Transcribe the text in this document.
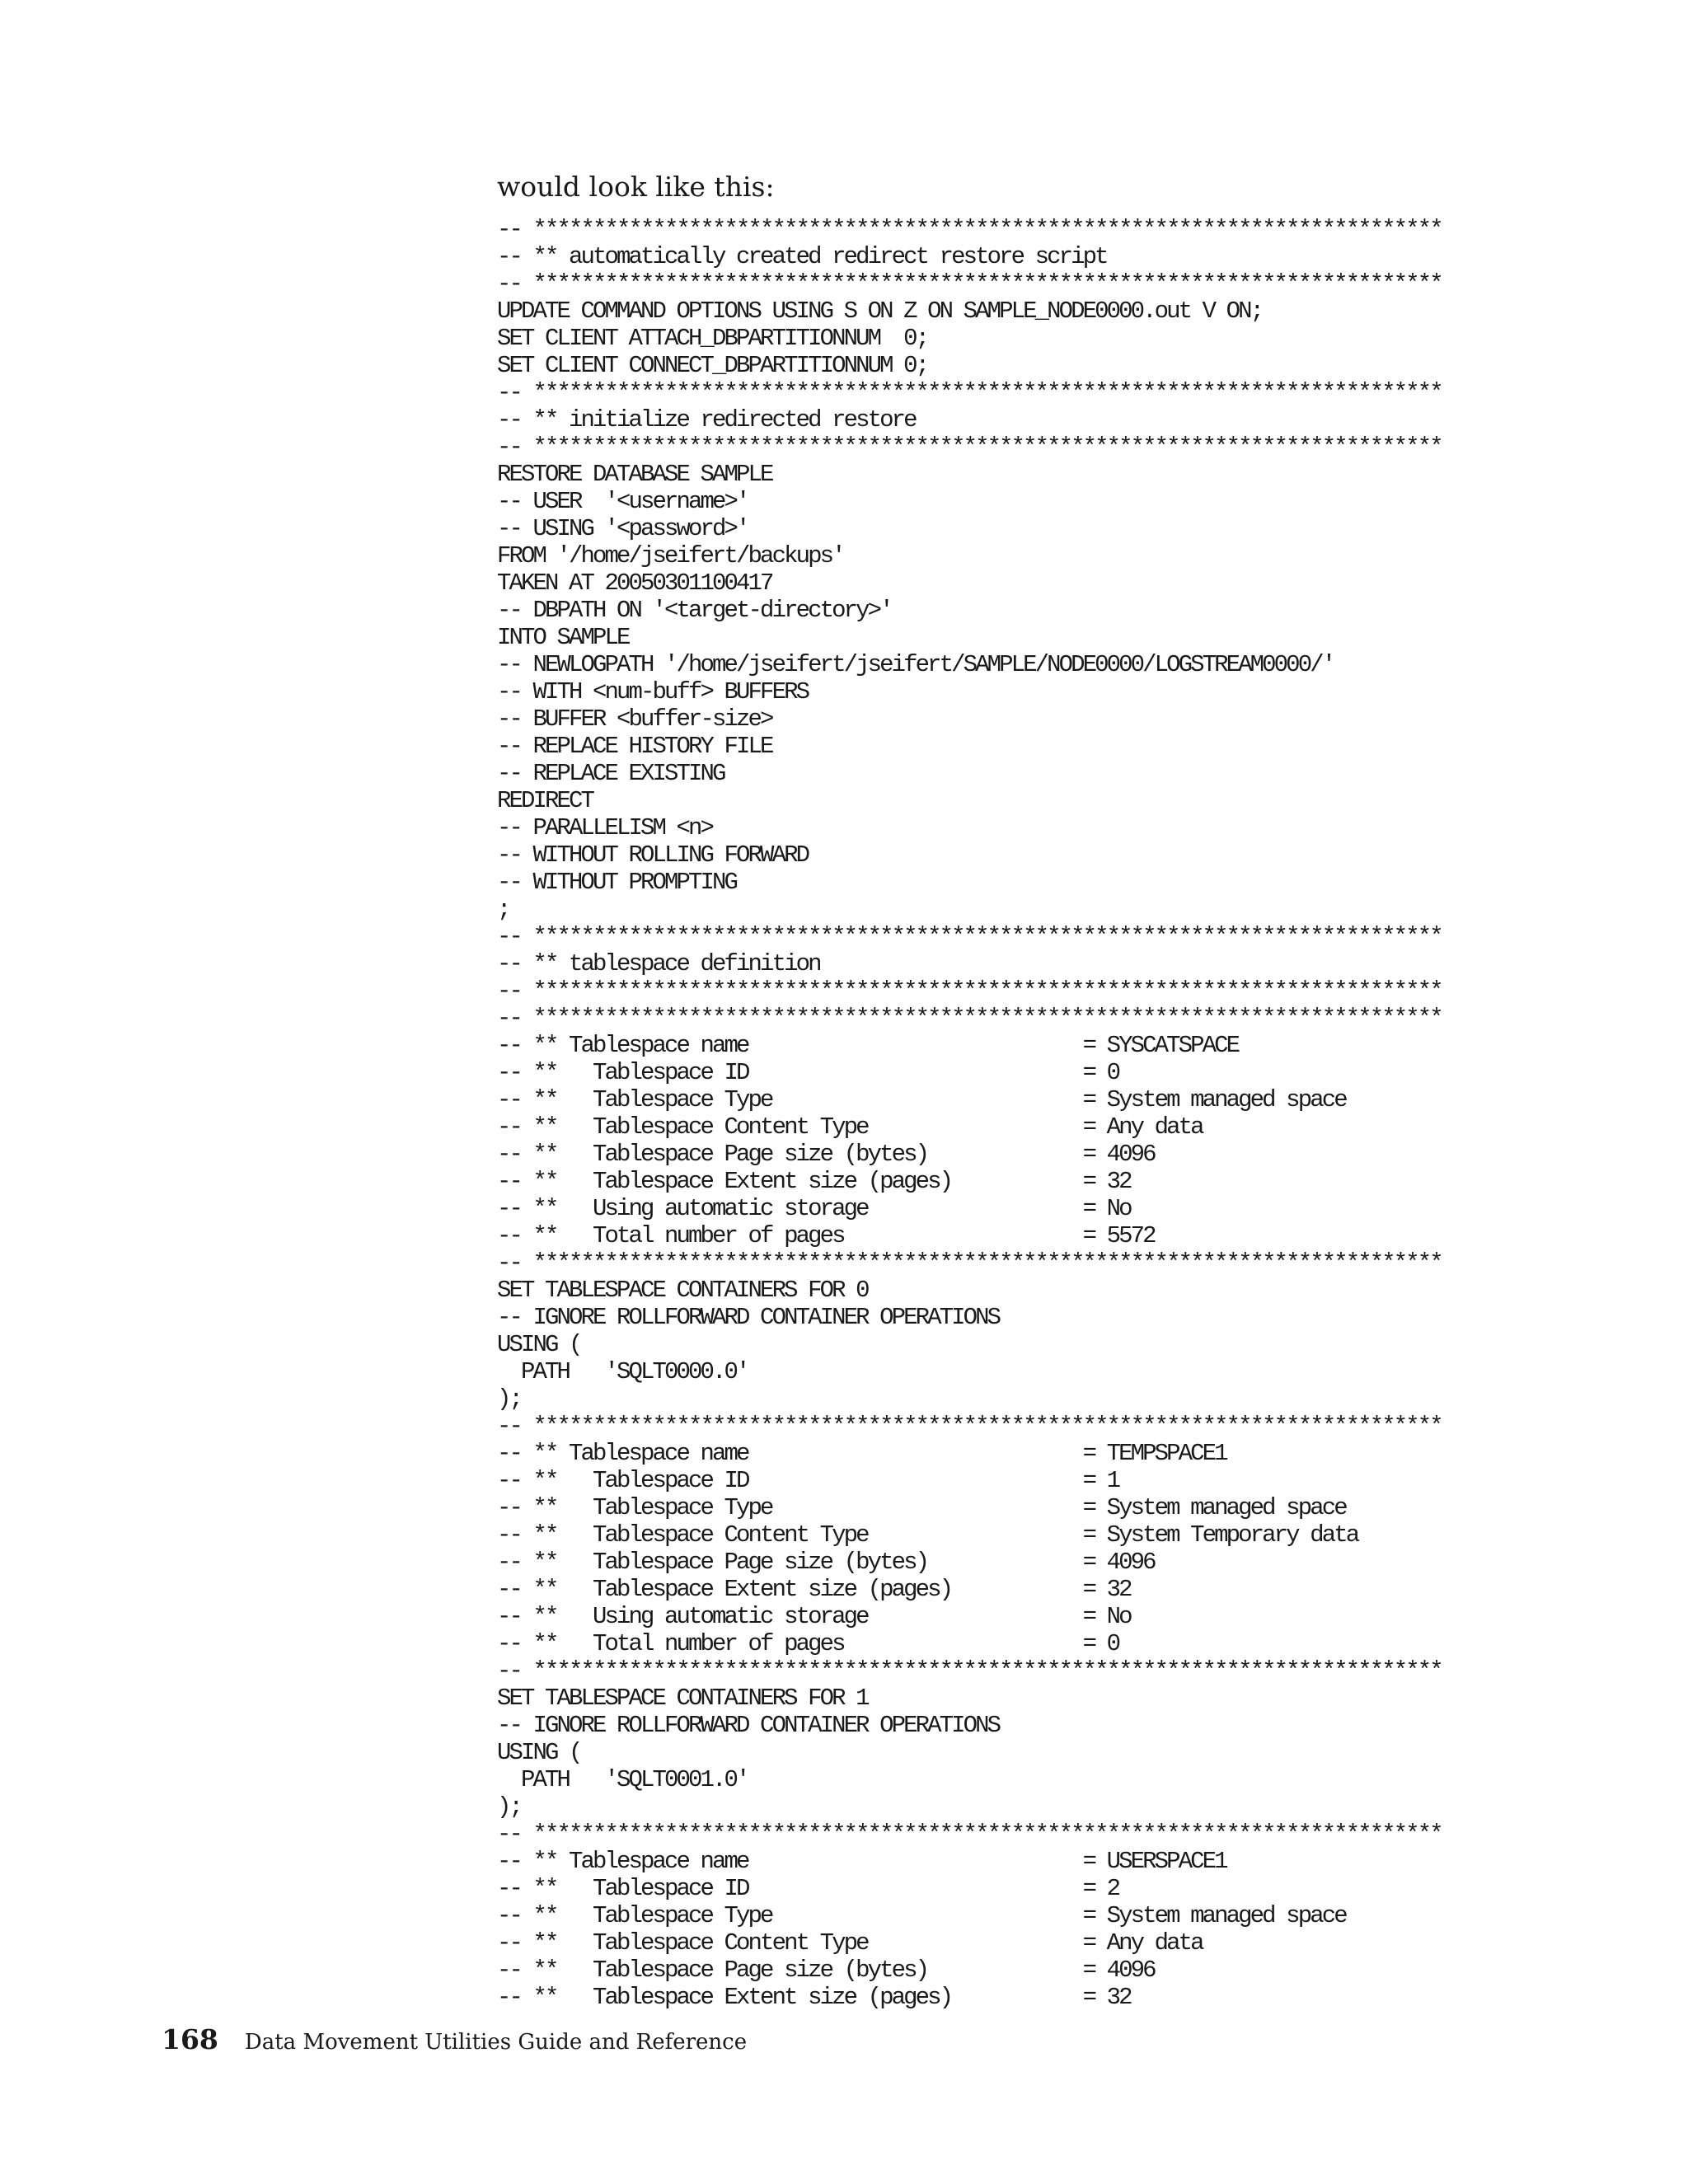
would look like this:

-- ****************************************************************************
-- ** automatically created redirect restore script
-- ****************************************************************************
UPDATE COMMAND OPTIONS USING S ON Z ON SAMPLE_NODE0000.out V ON;
SET CLIENT ATTACH_DBPARTITIONNUM  0;
SET CLIENT CONNECT_DBPARTITIONNUM 0;
-- ****************************************************************************
-- ** initialize redirected restore
-- ****************************************************************************
RESTORE DATABASE SAMPLE
-- USER  '<username>'
-- USING '<password>'
FROM '/home/jseifert/backups'
TAKEN AT 20050301100417
-- DBPATH ON '<target-directory>'
INTO SAMPLE
-- NEWLOGPATH '/home/jseifert/jseifert/SAMPLE/NODE0000/LOGSTREAM0000/'
-- WITH <num-buff> BUFFERS
-- BUFFER <buffer-size>
-- REPLACE HISTORY FILE
-- REPLACE EXISTING
REDIRECT
-- PARALLELISM <n>
-- WITHOUT ROLLING FORWARD
-- WITHOUT PROMPTING
;
-- ****************************************************************************
-- ** tablespace definition
-- ****************************************************************************
-- ****************************************************************************
-- ** Tablespace name                            = SYSCATSPACE
-- **   Tablespace ID                            = 0
-- **   Tablespace Type                          = System managed space
-- **   Tablespace Content Type                  = Any data
-- **   Tablespace Page size (bytes)             = 4096
-- **   Tablespace Extent size (pages)           = 32
-- **   Using automatic storage                  = No
-- **   Total number of pages                    = 5572
-- ****************************************************************************
SET TABLESPACE CONTAINERS FOR 0
-- IGNORE ROLLFORWARD CONTAINER OPERATIONS
USING (
PATH   'SQLT0000.0'
);
-- ****************************************************************************
-- ** Tablespace name                            = TEMPSPACE1
-- **   Tablespace ID                            = 1
-- **   Tablespace Type                          = System managed space
-- **   Tablespace Content Type                  = System Temporary data
-- **   Tablespace Page size (bytes)             = 4096
-- **   Tablespace Extent size (pages)           = 32
-- **   Using automatic storage                  = No
-- **   Total number of pages                    = 0
-- ****************************************************************************
SET TABLESPACE CONTAINERS FOR 1
-- IGNORE ROLLFORWARD CONTAINER OPERATIONS
USING (
PATH   'SQLT0001.0'
);
-- ****************************************************************************
-- ** Tablespace name                            = USERSPACE1
-- **   Tablespace ID                            = 2
-- **   Tablespace Type                          = System managed space
-- **   Tablespace Content Type                  = Any data
-- **   Tablespace Page size (bytes)             = 4096
-- **   Tablespace Extent size (pages)           = 32
168 Data Movement Utilities Guide and Reference
